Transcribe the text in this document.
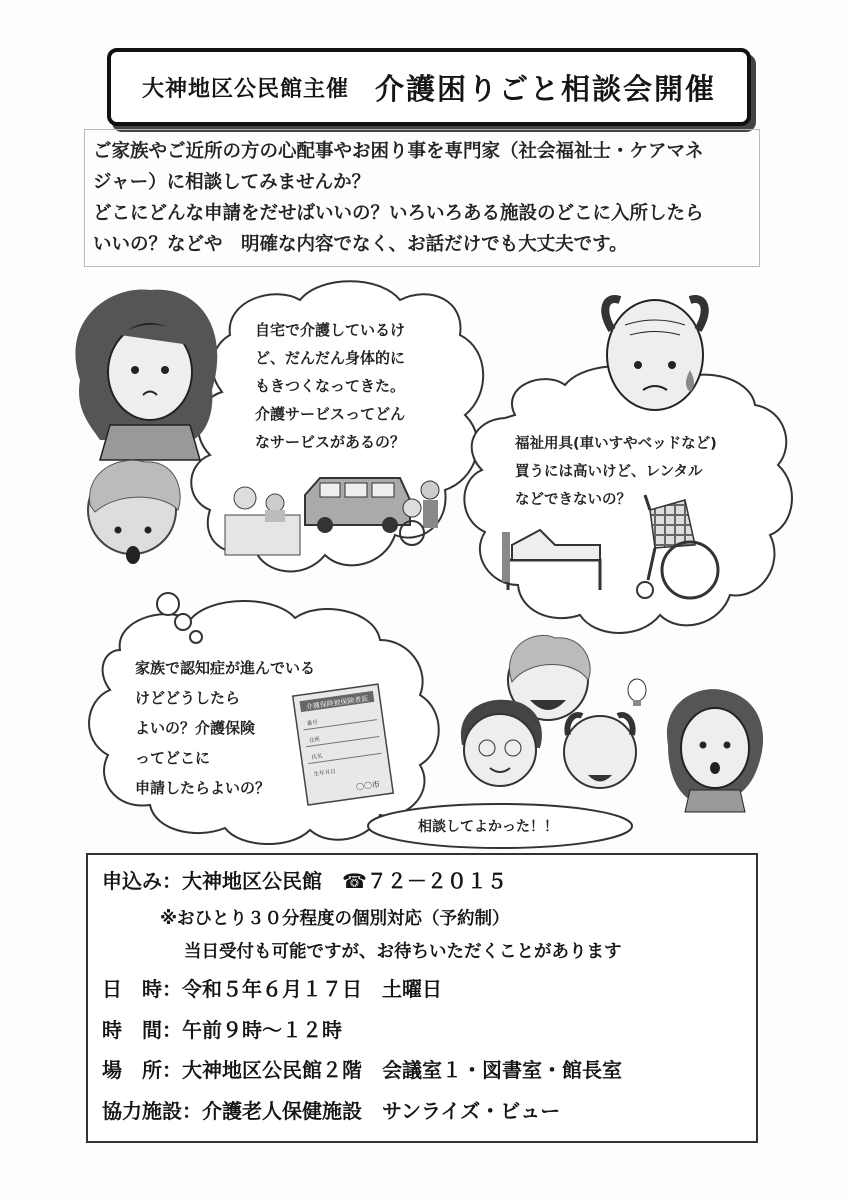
大神地区公民館主催 介護困りごと相談会開催
ご家族やご近所の方の心配事やお困り事を専門家（社会福祉士・ケアマネ
ジャー）に相談してみませんか？
どこにどんな申請をだせばいいの？いろいろある施設のどこに入所したら
いいの？などや　明確な内容でなく、お話だけでも大丈夫です。
介護保険被保険者証
番号
住所
氏名
生年月日
〇〇市
自宅で介護しているけ
ど、だんだん身体的に
もきつくなってきた。
介護サービスってどん
なサービスがあるの？	福祉用具(車いすやベッドなど)
買うには高いけど、レンタル
などできないの？
家族で認知症が進んでいる
けどどうしたら
よいの？介護保険
ってどこに
申請したらよいの？
相談してよかった！！
申込み：大神地区公民館　☎７２－２０１５
※おひとり３０分程度の個別対応（予約制）
当日受付も可能ですが、お待ちいただくことがあります
日　時：令和５年６月１７日　土曜日
時　間：午前９時～１２時
場　所：大神地区公民館２階　会議室１・図書室・館長室
協力施設：介護老人保健施設　サンライズ・ビュー
